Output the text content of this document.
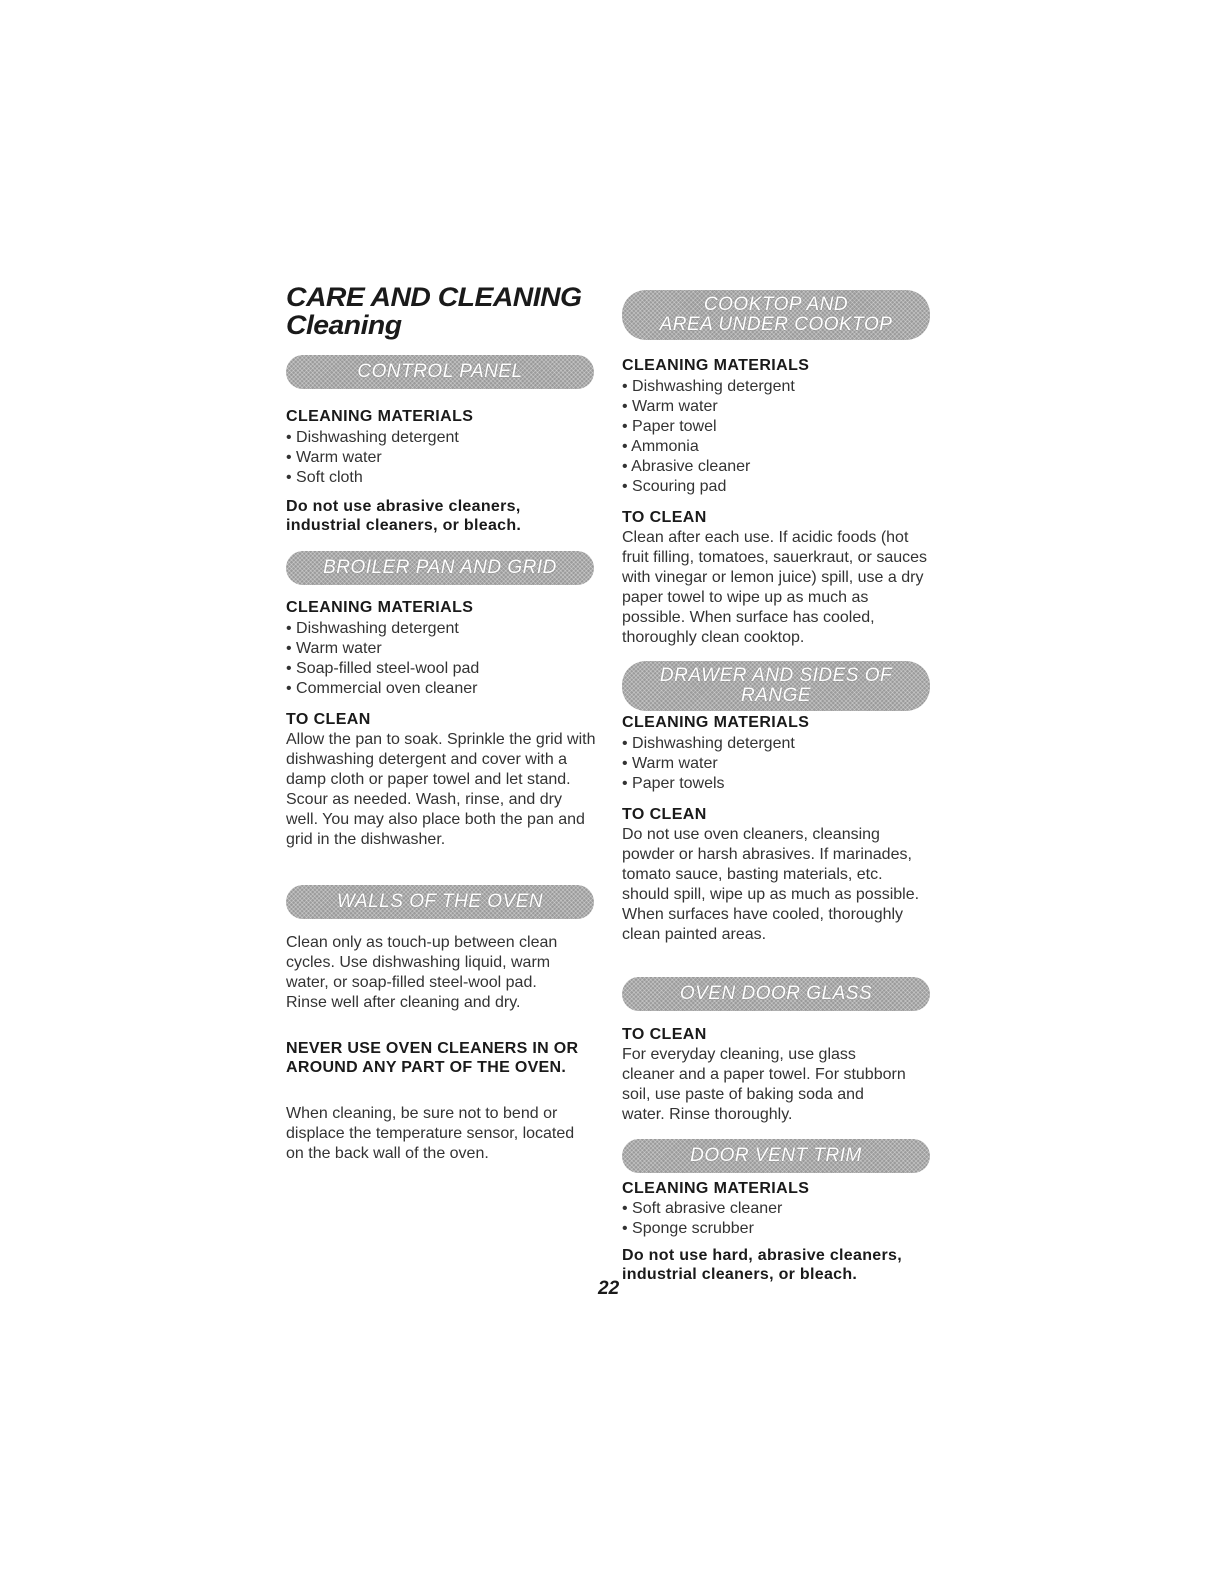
CARE AND CLEANING
Cleaning
CONTROL PANEL
CLEANING MATERIALS
• Dishwashing detergent
• Warm water
• Soft cloth

Do not use abrasive cleaners, industrial cleaners, or bleach.

BROILER PAN AND GRID
CLEANING MATERIALS
• Dishwashing detergent
• Warm water
• Soap-filled steel-wool pad
• Commercial oven cleaner
TO CLEAN

Allow the pan to soak. Sprinkle the grid with dishwashing detergent and cover with a damp cloth or paper towel and let stand. Scour as needed. Wash, rinse, and dry well. You may also place both the pan and grid in the dishwasher.

WALLS OF THE OVEN

Clean only as touch-up between clean cycles. Use dishwashing liquid, warm water, or soap-filled steel-wool pad. Rinse well after cleaning and dry.

NEVER USE OVEN CLEANERS IN OR AROUND ANY PART OF THE OVEN.

When cleaning, be sure not to bend or displace the temperature sensor, located on the back wall of the oven.

COOKTOP AND
AREA UNDER COOKTOP
CLEANING MATERIALS
• Dishwashing detergent
• Warm water
• Paper towel
• Ammonia
• Abrasive cleaner
• Scouring pad
TO CLEAN

Clean after each use. If acidic foods (hot fruit filling, tomatoes, sauerkraut, or sauces with vinegar or lemon juice) spill, use a dry paper towel to wipe up as much as possible. When surface has cooled, thoroughly clean cooktop.

DRAWER AND SIDES OF
RANGE
CLEANING MATERIALS
• Dishwashing detergent
• Warm water
• Paper towels
TO CLEAN

Do not use oven cleaners, cleansing powder or harsh abrasives. If marinades, tomato sauce, basting materials, etc. should spill, wipe up as much as possible. When surfaces have cooled, thoroughly clean painted areas.

OVEN DOOR GLASS
TO CLEAN

For everyday cleaning, use glass cleaner and a paper towel. For stubborn soil, use paste of baking soda and water. Rinse thoroughly.

DOOR VENT TRIM
CLEANING MATERIALS
• Soft abrasive cleaner
• Sponge scrubber

Do not use hard, abrasive cleaners, industrial cleaners, or bleach.

22
